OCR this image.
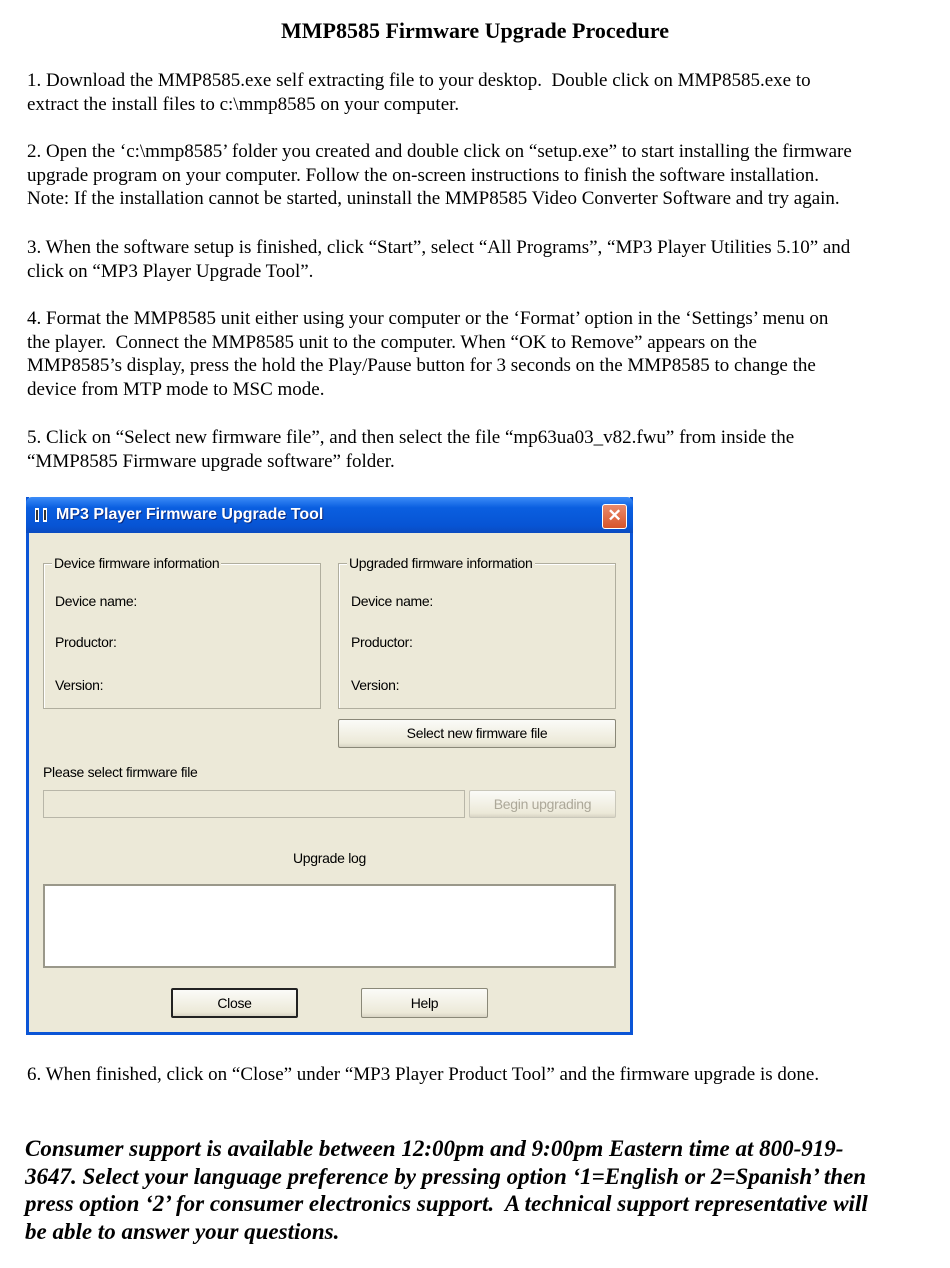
MMP8585 Firmware Upgrade Procedure
1. Download the MMP8585.exe self extracting file to your desktop.  Double click on MMP8585.exe to
extract the install files to c:\mmp8585 on your computer.
2. Open the ‘c:\mmp8585’ folder you created and double click on “setup.exe” to start installing the firmware
upgrade program on your computer. Follow the on-screen instructions to finish the software installation.
Note: If the installation cannot be started, uninstall the MMP8585 Video Converter Software and try again.
3. When the software setup is finished, click “Start”, select “All Programs”, “MP3 Player Utilities 5.10” and
click on “MP3 Player Upgrade Tool”.
4. Format the MMP8585 unit either using your computer or the ‘Format’ option in the ‘Settings’ menu on
the player.  Connect the MMP8585 unit to the computer. When “OK to Remove” appears on the
MMP8585’s display, press the hold the Play/Pause button for 3 seconds on the MMP8585 to change the
device from MTP mode to MSC mode.
5. Click on “Select new firmware file”, and then select the file “mp63ua03_v82.fwu” from inside the
“MMP8585 Firmware upgrade software” folder.
MP3 Player Firmware Upgrade Tool	✕
Device firmware information
Device name:
Productor:
Version:
Upgraded firmware information
Device name:
Productor:
Version:
Select new firmware file
Please select firmware file
Begin upgrading
Upgrade log
Close	Help
6. When finished, click on “Close” under “MP3 Player Product Tool” and the firmware upgrade is done.
Consumer support is available between 12:00pm and 9:00pm Eastern time at 800-919-
3647. Select your language preference by pressing option ‘1=English or 2=Spanish’ then
press option ‘2’ for consumer electronics support.  A technical support representative will
be able to answer your questions.
